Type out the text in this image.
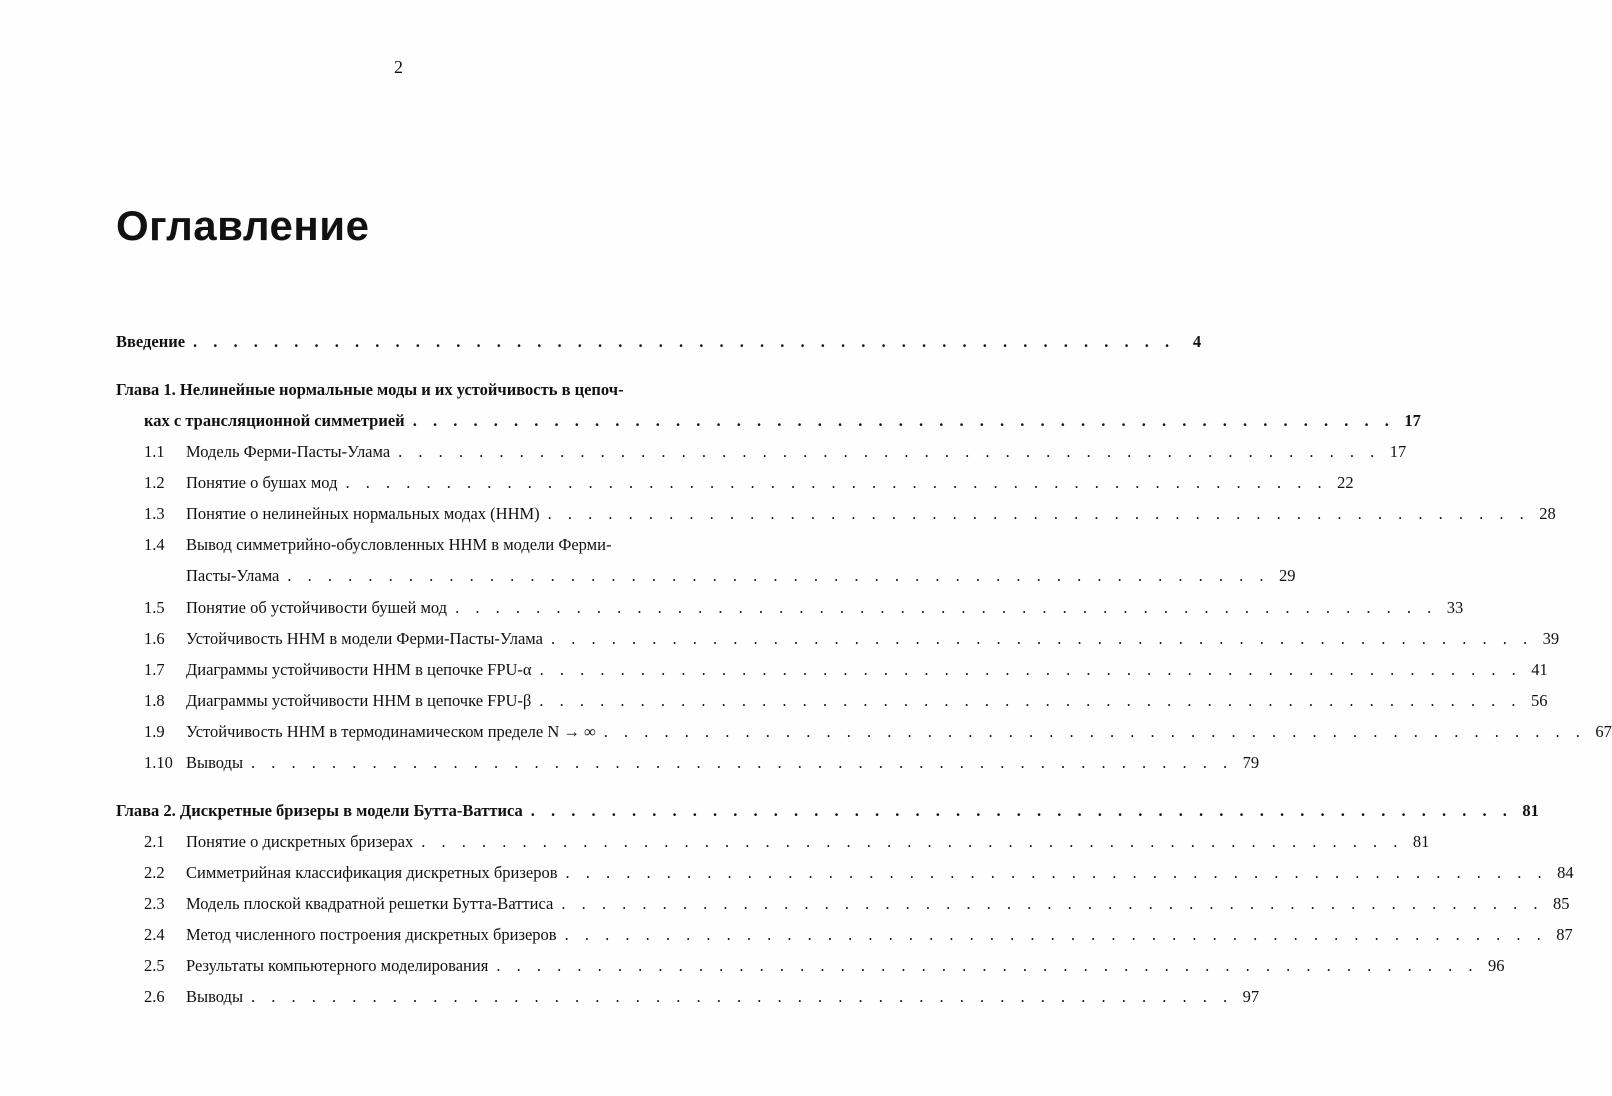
2
Оглавление
Введение . . . . . . . . . . . . . . . . . . . . . . . . . . . . . . . . . . . . . . . . . . . . . . . . .	4
Глава 1. Нелинейные нормальные моды и их устойчивость в цепоч-
ках с трансляционной симметрией . . . . . . . . . . . . . . . . . . . . . . . . . . . . . . . . . . . . . . . . . . . . . . . . . 17
1.1	Модель Ферми-Пасты-Улама . . . . . . . . . . . . . . . . . . . . . . . . . . . . . . . . . . . . . . . . . . . . . . . . . 17
1.2	Понятие о бушах мод . . . . . . . . . . . . . . . . . . . . . . . . . . . . . . . . . . . . . . . . . . . . . . . . . 22
1.3	Понятие о нелинейных нормальных модах (ННМ) . . . . . . . . . . . . . . . . . . . . . . . . . . . . . . . . . . . . . . . . . . . . . . . . . 28
1.4	Вывод симметрийно-обусловленных ННМ в модели Ферми-
Пасты-Улама . . . . . . . . . . . . . . . . . . . . . . . . . . . . . . . . . . . . . . . . . . . . . . . . . 29
1.5	Понятие об устойчивости бушей мод . . . . . . . . . . . . . . . . . . . . . . . . . . . . . . . . . . . . . . . . . . . . . . . . . 33
1.6	Устойчивость ННМ в модели Ферми-Пасты-Улама . . . . . . . . . . . . . . . . . . . . . . . . . . . . . . . . . . . . . . . . . . . . . . . . . 39
1.7	Диаграммы устойчивости ННМ в цепочке FPU-α . . . . . . . . . . . . . . . . . . . . . . . . . . . . . . . . . . . . . . . . . . . . . . . . . 41
1.8	Диаграммы устойчивости ННМ в цепочке FPU-β . . . . . . . . . . . . . . . . . . . . . . . . . . . . . . . . . . . . . . . . . . . . . . . . . 56
1.9	Устойчивость ННМ в термодинамическом пределе N → ∞ . . . . . . . . . . . . . . . . . . . . . . . . . . . . . . . . . . . . . . . . . . . . . . . . . 67
1.10 Выводы . . . . . . . . . . . . . . . . . . . . . . . . . . . . . . . . . . . . . . . . . . . . . . . . . 79
Глава 2. Дискретные бризеры в модели Бутта-Ваттиса . . . . . . . . . . . . . . . . . . . . . . . . . . . . . . . . . . . . . . . . . . . . . . . . . 81
2.1	Понятие о дискретных бризерах . . . . . . . . . . . . . . . . . . . . . . . . . . . . . . . . . . . . . . . . . . . . . . . . . 81
2.2	Симметрийная классификация дискретных бризеров . . . . . . . . . . . . . . . . . . . . . . . . . . . . . . . . . . . . . . . . . . . . . . . . . 84
2.3	Модель плоской квадратной решетки Бутта-Ваттиса . . . . . . . . . . . . . . . . . . . . . . . . . . . . . . . . . . . . . . . . . . . . . . . . . 85
2.4	Метод численного построения дискретных бризеров . . . . . . . . . . . . . . . . . . . . . . . . . . . . . . . . . . . . . . . . . . . . . . . . . 87
2.5	Результаты компьютерного моделирования . . . . . . . . . . . . . . . . . . . . . . . . . . . . . . . . . . . . . . . . . . . . . . . . . 96
2.6	Выводы . . . . . . . . . . . . . . . . . . . . . . . . . . . . . . . . . . . . . . . . . . . . . . . . . 97
